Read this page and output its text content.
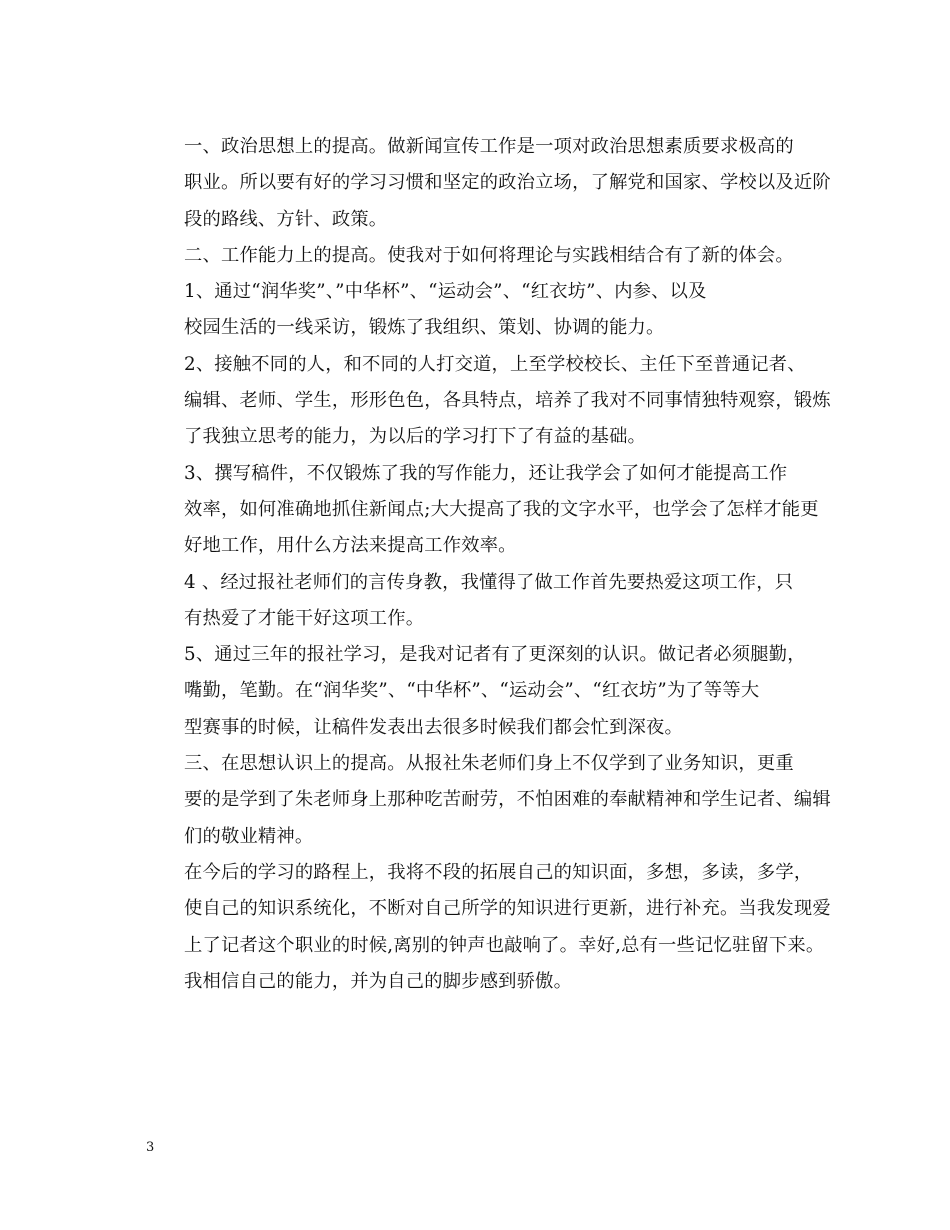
一、政治思想上的提高。做新闻宣传工作是一项对政治思想素质要求极高的
职业。所以要有好的学习习惯和坚定的政治立场，了解党和国家、学校以及近阶
段的路线、方针、政策。

二、工作能力上的提高。使我对于如何将理论与实践相结合有了新的体会。

1、通过“润华奖”、”中华杯”、“运动会”、“红衣坊”、内参、以及
校园生活的一线采访，锻炼了我组织、策划、协调的能力。

2、接触不同的人，和不同的人打交道，上至学校校长、主任下至普通记者、
编辑、老师、学生，形形色色，各具特点，培养了我对不同事情独特观察，锻炼
了我独立思考的能力，为以后的学习打下了有益的基础。

3、撰写稿件，不仅锻炼了我的写作能力，还让我学会了如何才能提高工作
效率，如何准确地抓住新闻点;大大提高了我的文字水平，也学会了怎样才能更
好地工作，用什么方法来提高工作效率。

4 、经过报社老师们的言传身教，我懂得了做工作首先要热爱这项工作，只
有热爱了才能干好这项工作。

5、通过三年的报社学习，是我对记者有了更深刻的认识。做记者必须腿勤，
嘴勤，笔勤。在“润华奖”、“中华杯”、“运动会”、“红衣坊”为了等等大
型赛事的时候，让稿件发表出去很多时候我们都会忙到深夜。

三、在思想认识上的提高。从报社朱老师们身上不仅学到了业务知识，更重
要的是学到了朱老师身上那种吃苦耐劳，不怕困难的奉献精神和学生记者、编辑
们的敬业精神。

在今后的学习的路程上，我将不段的拓展自己的知识面，多想，多读，多学，
使自己的知识系统化，不断对自己所学的知识进行更新，进行补充。当我发现爱
上了记者这个职业的时候,离别的钟声也敲响了。幸好,总有一些记忆驻留下来。
我相信自己的能力，并为自己的脚步感到骄傲。

3
